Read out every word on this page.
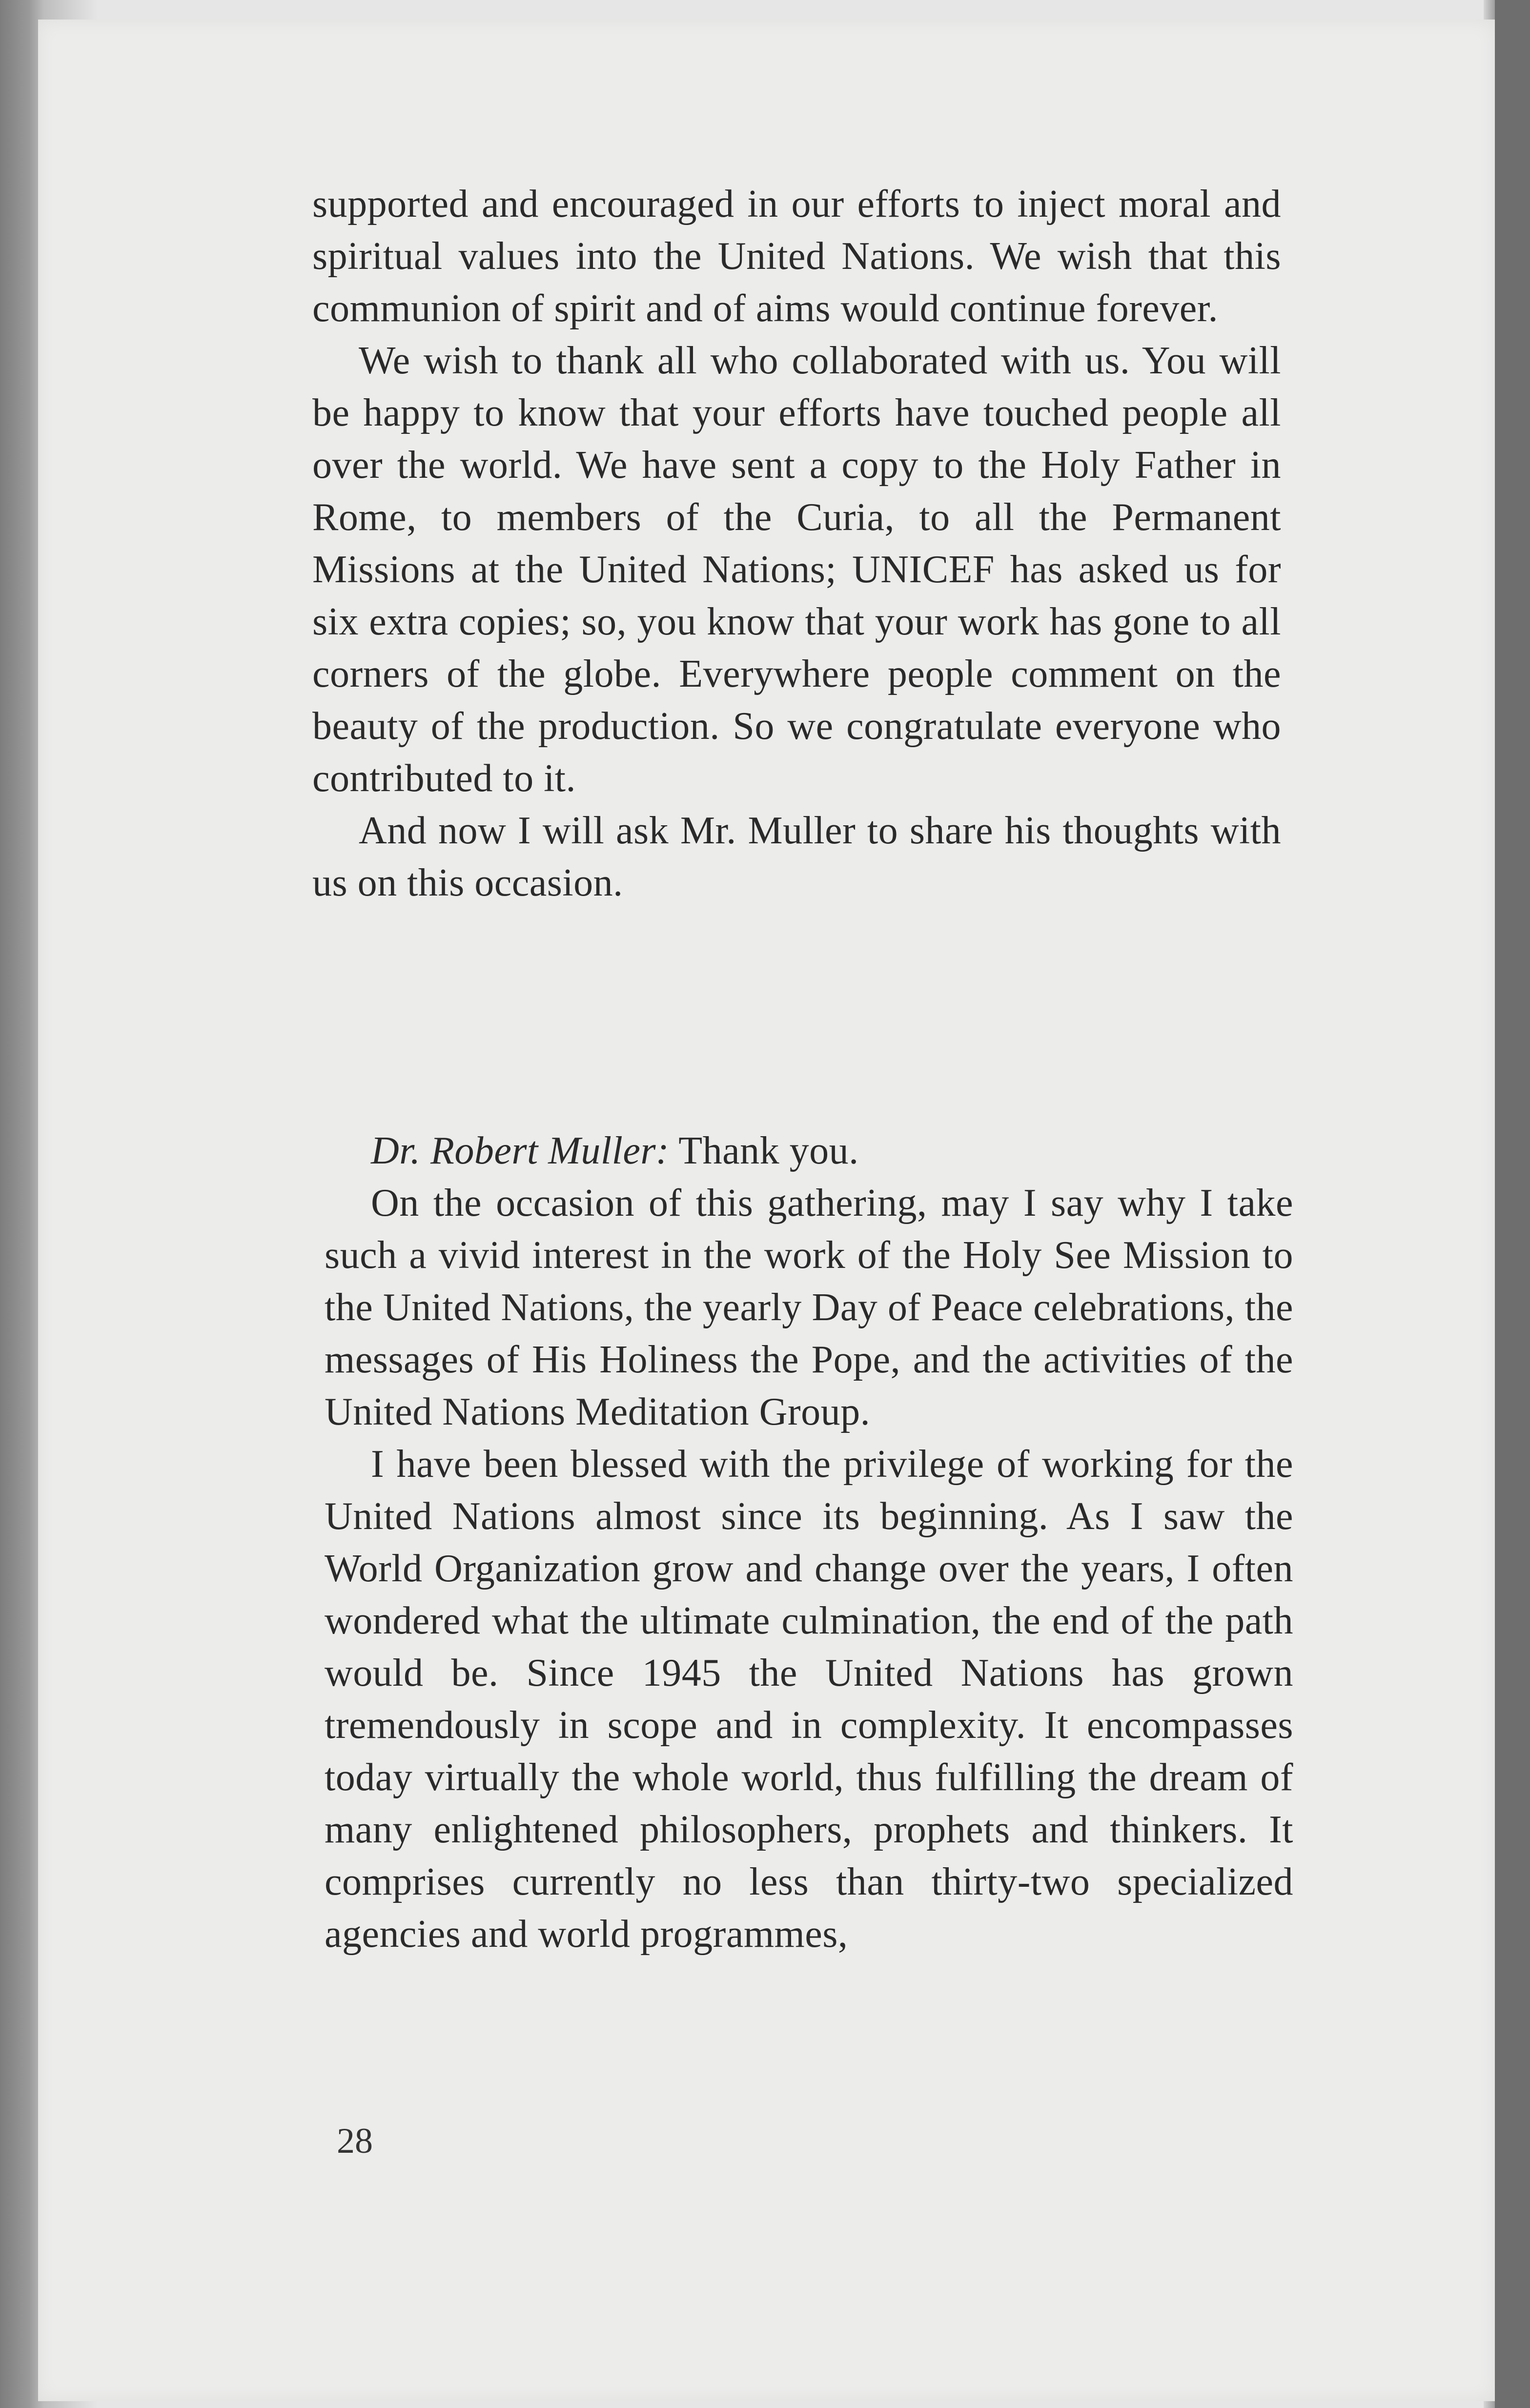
supported and encouraged in our efforts to inject moral and spiritual values into the United Nations. We wish that this communion of spirit and of aims would continue forever.

We wish to thank all who collaborated with us. You will be happy to know that your efforts have touched people all over the world. We have sent a copy to the Holy Father in Rome, to members of the Curia, to all the Permanent Missions at the United Nations; UNICEF has asked us for six extra copies; so, you know that your work has gone to all corners of the globe. Everywhere people comment on the beauty of the production. So we congratulate everyone who contributed to it.

And now I will ask Mr. Muller to share his thoughts with us on this occasion.

Dr. Robert Muller: Thank you.

On the occasion of this gathering, may I say why I take such a vivid interest in the work of the Holy See Mission to the United Nations, the yearly Day of Peace celebrations, the messages of His Holiness the Pope, and the activities of the United Nations Meditation Group.

I have been blessed with the privilege of working for the United Nations almost since its beginning. As I saw the World Organization grow and change over the years, I often wondered what the ultimate culmination, the end of the path would be. Since 1945 the United Nations has grown tremendously in scope and in complexity. It encompasses today virtually the whole world, thus fulfilling the dream of many enlightened philosophers, prophets and thinkers. It comprises currently no less than thirty-two specialized agencies and world programmes,

28
